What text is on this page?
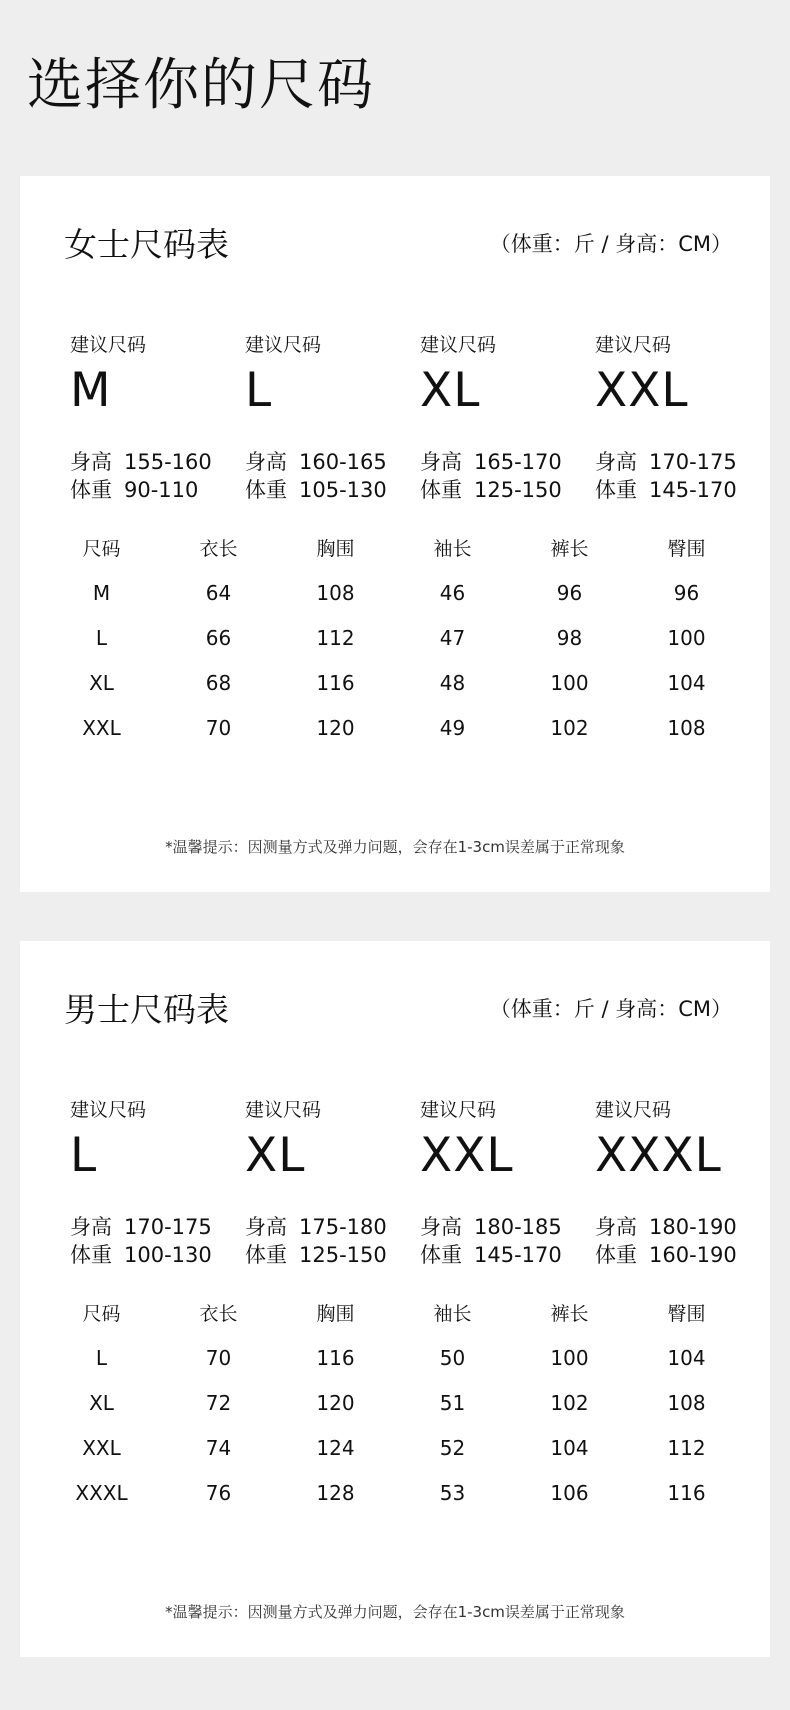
选择你的尺码
女士尺码表	（体重：斤 / 身高：CM）
建议尺码
M
身高 155-160
体重 90-110
建议尺码
L
身高 160-165
体重 105-130
建议尺码
XL
身高 165-170
体重 125-150
建议尺码
XXL
身高 170-175
体重 145-170
尺码	衣长	胸围	袖长	裤长	臀围
M	64	108	46	96	96
L	66	112	47	98	100
XL	68	116	48	100	104
XXL	70	120	49	102	108
*温馨提示：因测量方式及弹力问题，会存在1-3cm误差属于正常现象
男士尺码表	（体重：斤 / 身高：CM）
建议尺码
L
身高 170-175
体重 100-130
建议尺码
XL
身高 175-180
体重 125-150
建议尺码
XXL
身高 180-185
体重 145-170
建议尺码
XXXL
身高 180-190
体重 160-190
尺码	衣长	胸围	袖长	裤长	臀围
L	70	116	50	100	104
XL	72	120	51	102	108
XXL	74	124	52	104	112
XXXL	76	128	53	106	116
*温馨提示：因测量方式及弹力问题，会存在1-3cm误差属于正常现象
